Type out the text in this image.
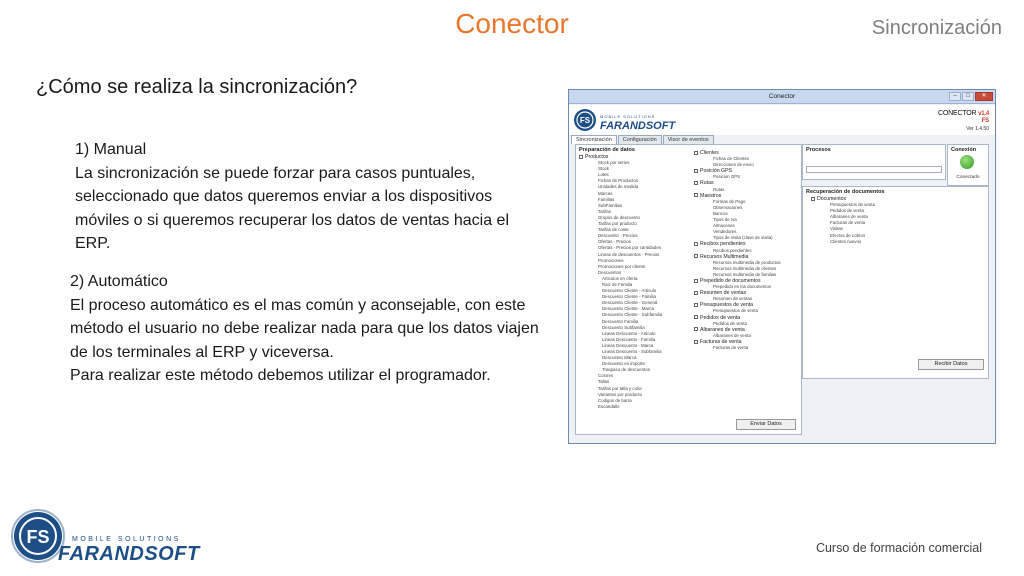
Conector	Sincronización
¿Cómo se realiza la sincronización?
1) Manual

La sincronización se puede forzar para casos puntuales, seleccionado que datos queremos enviar a los dispositivos móviles o si queremos recuperar los datos de ventas hacia el ERP.

2) Automático

El proceso automático es el mas común y aconsejable, con este método el usuario no debe realizar nada para que los datos viajen de los terminales al ERP y viceversa.

Para realizar este método debemos utilizar el programador.

Conector	–	□	✕
FS MOBILE SOLUTIONS
FARANDSOFT
CONECTOR v1.4
FS
Ver 1.4.50
Sincronización	Configuración	Visor de eventos
Preparación de datos
Productos
Stock por series
Stock
Lotes
Fichas de Productos
Unidades de medida
Marcas
Familias
SubFamilias
Tarifas
Grupos de descuento
Tarifas por producto
Tarifas de coste
Descuento - Precios
Ofertas - Precios
Ofertas - Precios por cantidades
Lineas de descuentos - Precios
Promociones
Promociones por cliente
Descuentos
Articulos en oferta
Raiz de Familia
Descuento Cliente - Articulo
Descuento Cliente - Familia
Descuento Cliente - General
Descuento Cliente - Marca
Descuento Cliente - Subfamilia
Descuento Familia
Descuento Subfamilia
Lineas Descuento - Articulo
Lineas Descuento - Familia
Lineas Descuento - Marca
Lineas Descuento - Subfamilia
Descuento Marca
Descuento en importe
Traspaso de descuentos
Colores
Tallas
Tarifas por talla y color
Variantes por producto
Codigos de barra
Escandallo
Clientes
Fichas de Clientes
Direcciones de envio
Posición GPS
Posicion GPS
Rutas
Rutas
Maestros
Formas de Pago
Observaciones
Bancos
Tipos de Iva
Almacenes
Vendedores
Tipos de visita (clave de visita)
Recibos pendientes
Recibos pendientes
Recursos Multimedia
Recursos multimedia de productos
Recursos multimedia de clientes
Recursos multimedia de familias
Prepedido de documentos
Prepedido en los documentos
Resumen de ventas
Resumen de ventas
Presupuestos de venta
Presupuestos de venta
Pedidos de venta
Pedidos de venta
Albaranes de venta
Albaranes de venta
Facturas de venta
Facturas de venta
Enviar Datos
Procesos	Conexión
Conectado
Recuperación de documentos
Documentos
Presupuestos de venta
Pedidos de venta
Albaranes de venta
Facturas de venta
Visitas
Efectos de cobros
Clientes nuevos
Recibir Datos
FS	MOBILE SOLUTIONS
FARANDSOFT	Curso de formación comercial
